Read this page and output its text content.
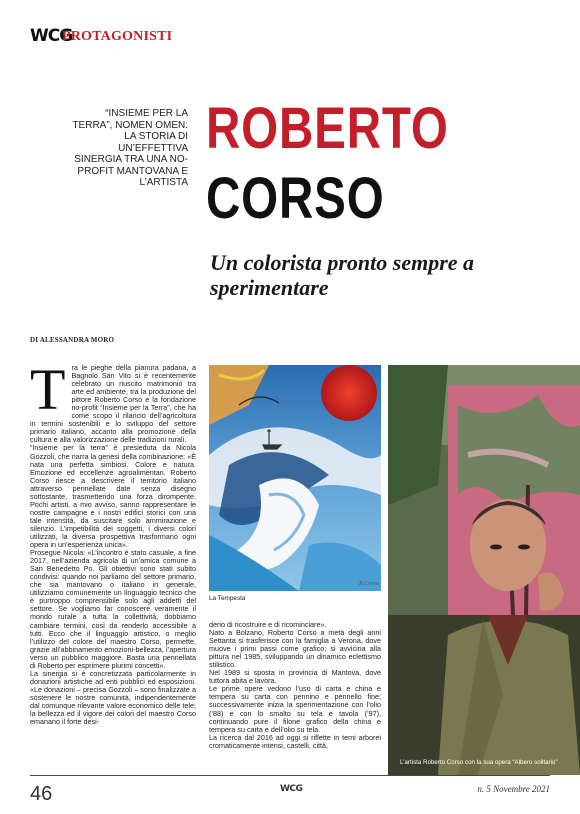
WCG
PROTAGONISTI
“INSIEME PER LA TERRA”, NOMEN OMEN: LA STORIA DI UN’EFFETTIVA SINERGIA TRA UNA NO-PROFIT MANTOVANA E L’ARTISTA
ROBERTO
CORSO
Un colorista pronto sempre a sperimentare
DI ALESSANDRA MORO
T ra le pieghe della pianura padana, a Bagnolo San Vito si è recentemente celebrato un riuscito matrimonio tra arte ed ambiente, tra la produzione del pittore Roberto Corso e la fondazione no-profit “Insieme per la Terra”, che ha come scopo il rilancio dell’agricoltura in termini sostenibili e lo sviluppo del settore primario italiano, accanto alla promozione della cultura e alla valorizzazione delle tradizioni rurali.

“Insieme per la terra” è presieduta da Nicola Gozzoli, che narra la genesi della combinazione: «È nata una perfetta simbiosi. Colore e natura. Emozione ed eccellenze agroalimentari. Roberto Corso riesce a descrivere il territorio italiano attraverso pennellate date senza disegno sottostante, trasmettendo una forza dirompente. Pochi artisti, a mio avviso, sanno rappresentare le nostre campagne e i nostri edifici storici con una tale intensità, da suscitare solo ammirazione e silenzio. L’impetibilità dei soggetti, i diversi colori utilizzati, la diversa prospettiva trasformano ogni opera in un’esperienza unica».

Prosegue Nicola: «L’incontro è stato casuale, a fine 2017, nell’azienda agricola di un’amica comune a San Benedetto Po. Gli obiettivi sono stati subito condivisi: quando noi parliamo del settore primario, che sia mantovano o italiano in generale, utilizziamo comunemente un linguaggio tecnico che è purtroppo comprensibile solo agli addetti del settore. Se vogliamo far conoscere veramente il mondo rurale a tutta la collettività, dobbiamo cambiare termini, così da renderlo accessibile a tutti. Ecco che il linguaggio artistico, o meglio l’utilizzo del colore del maestro Corso, permette, grazie all’abbinamento emozioni-bellezza, l’apertura verso un pubblico maggiore. Basta una pennellata di Roberto per esprimere plurimi concetti».

La sinergia si è concretizzata particolarmente in donazioni artistiche ad enti pubblici ed esposizioni. «Le donazioni – precisa Gozzoli – sono finalizzate a sostenere le nostre comunità, indipendentemente dal comunque rilevante valore economico delle tele; la bellezza ed il vigore dei colori del maestro Corso emanano il forte desi-

R.Corso
La Tempesta

derio di ricostruire e di ricominciare».

Nato a Bolzano, Roberto Corso a metà degli anni Settanta si trasferisce con la famiglia a Verona, dove muove i primi passi come grafico; si avvicina alla pittura nel 1985, sviluppando un dinamico eclettismo stilistico.

Nel 1989 si sposta in provincia di Mantova, dove tuttora abita e lavora.

Le prime opere vedono l’uso di carta e china e tempera su carta con pennino e pennello fine; successivamente inizia la sperimentazione con l’olio (’88) e con lo smalto su tela e tavola (’97), continuando pure il filone grafico della china e tempera su carta e dell’olio su tela.

La ricerca dal 2016 ad oggi si riflette in temi arborei cromaticamente intensi, castelli, città,

L’artista Roberto Corso con la sua opera “Albero solitario”
46	WCG	n. 5 Novembre 2021
